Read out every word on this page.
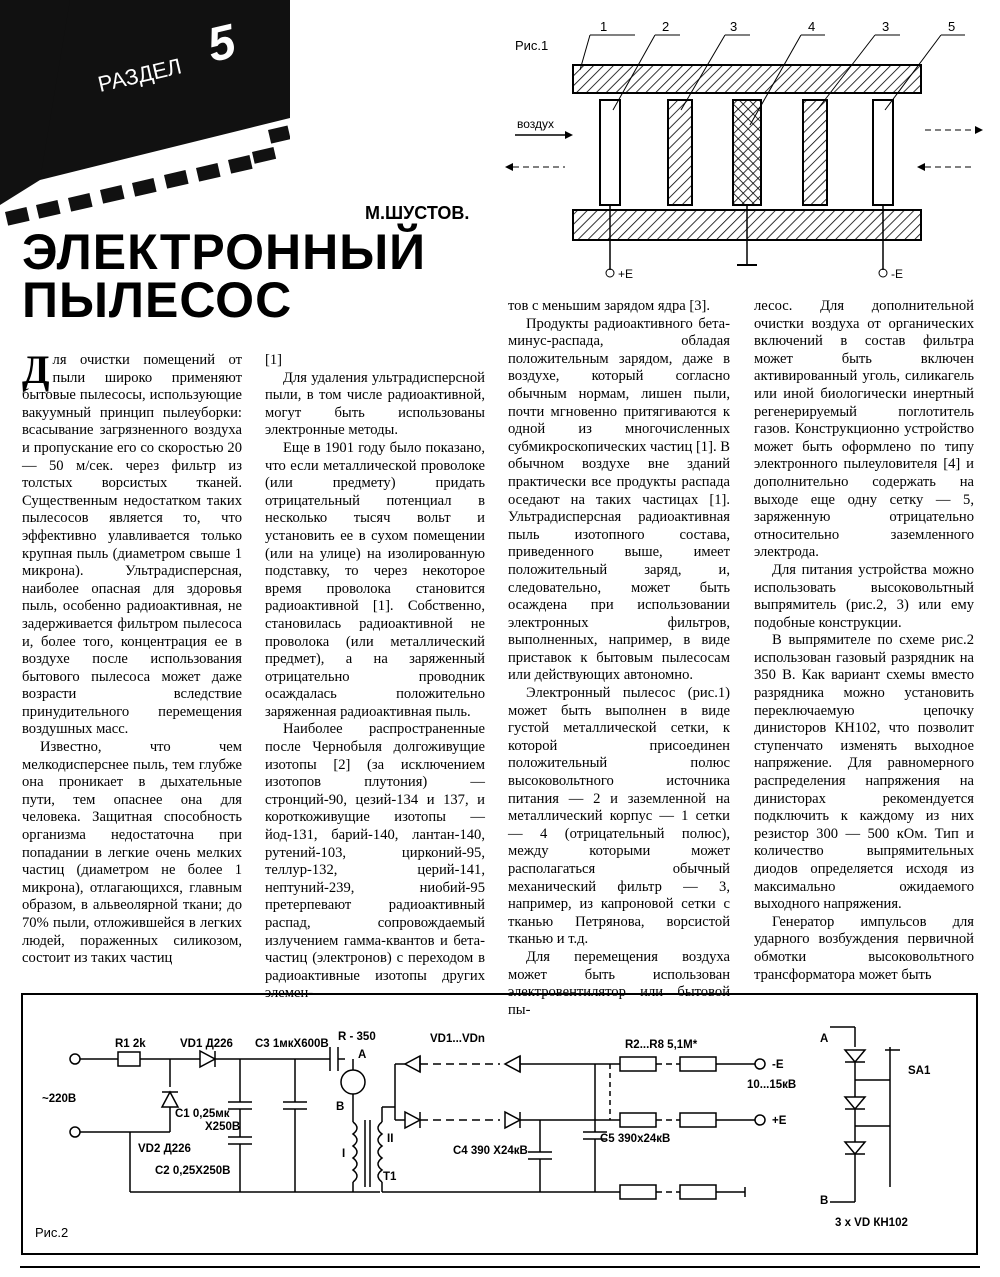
РАЗДЕЛ
5
М.ШУСТОВ.
ЭЛЕКТРОННЫЙ
ПЫЛЕСОС
Рис.1
+E	-E
воздух
1	2	3	4	3	5

Для очистки помещений от пыли широко применяют бытовые пылесосы, использующие вакуумный принцип пылеуборки: всасывание загрязненного воздуха и пропускание его со скоростью 20 — 50 м/сек. через фильтр из толстых ворсистых тканей. Существенным недостатком таких пылесосов является то, что эффективно улавливается только крупная пыль (диаметром свыше 1 микрона). Ультрадисперсная, наиболее опасная для здоровья пыль, особенно радиоактивная, не задерживается фильтром пылесоса и, более того, концентрация ее в воздухе после использования бытового пылесоса может даже возрасти вследствие принудительного перемещения воздушных масс.

Известно, что чем мелкодисперснее пыль, тем глубже она проникает в дыхательные пути, тем опаснее она для человека. Защитная способность организма недостаточна при попадании в легкие очень мелких частиц (диаметром не более 1 микрона), отлагающихся, главным образом, в альвеолярной ткани; до 70% пыли, отложившейся в легких людей, пораженных силикозом, состоит из таких частиц

[1]

Для удаления ультрадисперсной пыли, в том числе радиоактивной, могут быть использованы электронные методы.

Еще в 1901 году было показано, что если металлической проволоке (или предмету) придать отрицательный потенциал в несколько тысяч вольт и установить ее в сухом помещении (или на улице) на изолированную подставку, то через некоторое время проволока становится радиоактивной [1]. Собственно, становилась радиоактивной не проволока (или металлический предмет), а на заряженный отрицательно проводник осаждалась положительно заряженная радиоактивная пыль.

Наиболее распространенные после Чернобыля долгоживущие изотопы [2] (за исключением изотопов плутония) — стронций-90, цезий-134 и 137, и короткоживущие изотопы — йод-131, барий-140, лантан-140, рутений-103, цирконий-95, теллур-132, церий-141, нептуний-239, ниобий-95 претерпевают радиоактивный распад, сопровождаемый излучением гамма-квантов и бета-частиц (электронов) с переходом в радиоактивные изотопы других элемен-

тов с меньшим зарядом ядра [3].

Продукты радиоактивного бета-минус-распада, обладая положительным зарядом, даже в воздухе, который согласно обычным нормам, лишен пыли, почти мгновенно притягиваются к одной из многочисленных субмикроскопических частиц [1]. В обычном воздухе вне зданий практически все продукты распада оседают на таких частицах [1]. Ультрадисперсная радиоактивная пыль изотопного состава, приведенного выше, имеет положительный заряд, и, следовательно, может быть осаждена при использовании электронных фильтров, выполненных, например, в виде приставок к бытовым пылесосам или действующих автономно.

Электронный пылесос (рис.1) может быть выполнен в виде густой металлической сетки, к которой присоединен положительный полюс высоковольтного источника питания — 2 и заземленной на металлический корпус — 1 сетки — 4 (отрицательный полюс), между которыми может располагаться обычный механический фильтр — 3, например, из капроновой сетки с тканью Петрянова, ворсистой тканью и т.д.

Для перемещения воздуха может быть использован электровентилятор или бытовой пы-

лесос. Для дополнительной очистки воздуха от органических включений в состав фильтра может быть включен активированный уголь, силикагель или иной биологически инертный регенерируемый поглотитель газов. Конструкционно устройство может быть оформлено по типу электронного пылеуловителя [4] и дополнительно содержать на выходе еще одну сетку — 5, заряженную отрицательно относительно заземленного электрода.

Для питания устройства можно использовать высоковольтный выпрямитель (рис.2, 3) или ему подобные конструкции.

В выпрямителе по схеме рис.2 использован газовый разрядник на 350 В. Как вариант схемы вместо разрядника можно установить переключаемую цепочку динисторов КН102, что позволит ступенчато изменять выходное напряжение. Для равномерного распределения напряжения на динисторах рекомендуется подключить к каждому из них резистор 300 — 500 кОм. Тип и количество выпрямительных диодов определяется исходя из максимально ожидаемого выходного напряжения.

Генератор импульсов для ударного возбуждения первичной обмотки высоковольтного трансформатора может быть

R1 2k	VD1 Д226 С3 1мкX600В
R - 350
А
В
VD1...VDn	R2...R8 5,1M*
-E
10...15кВ
+E
~220В
С1 0,25мк
X250В
VD2 Д226
С2 0,25X250В
I
II
T1
С4 390 X24кВ
С5 390x24кВ
SA1
А
В
3 x VD КН102
Рис.2
